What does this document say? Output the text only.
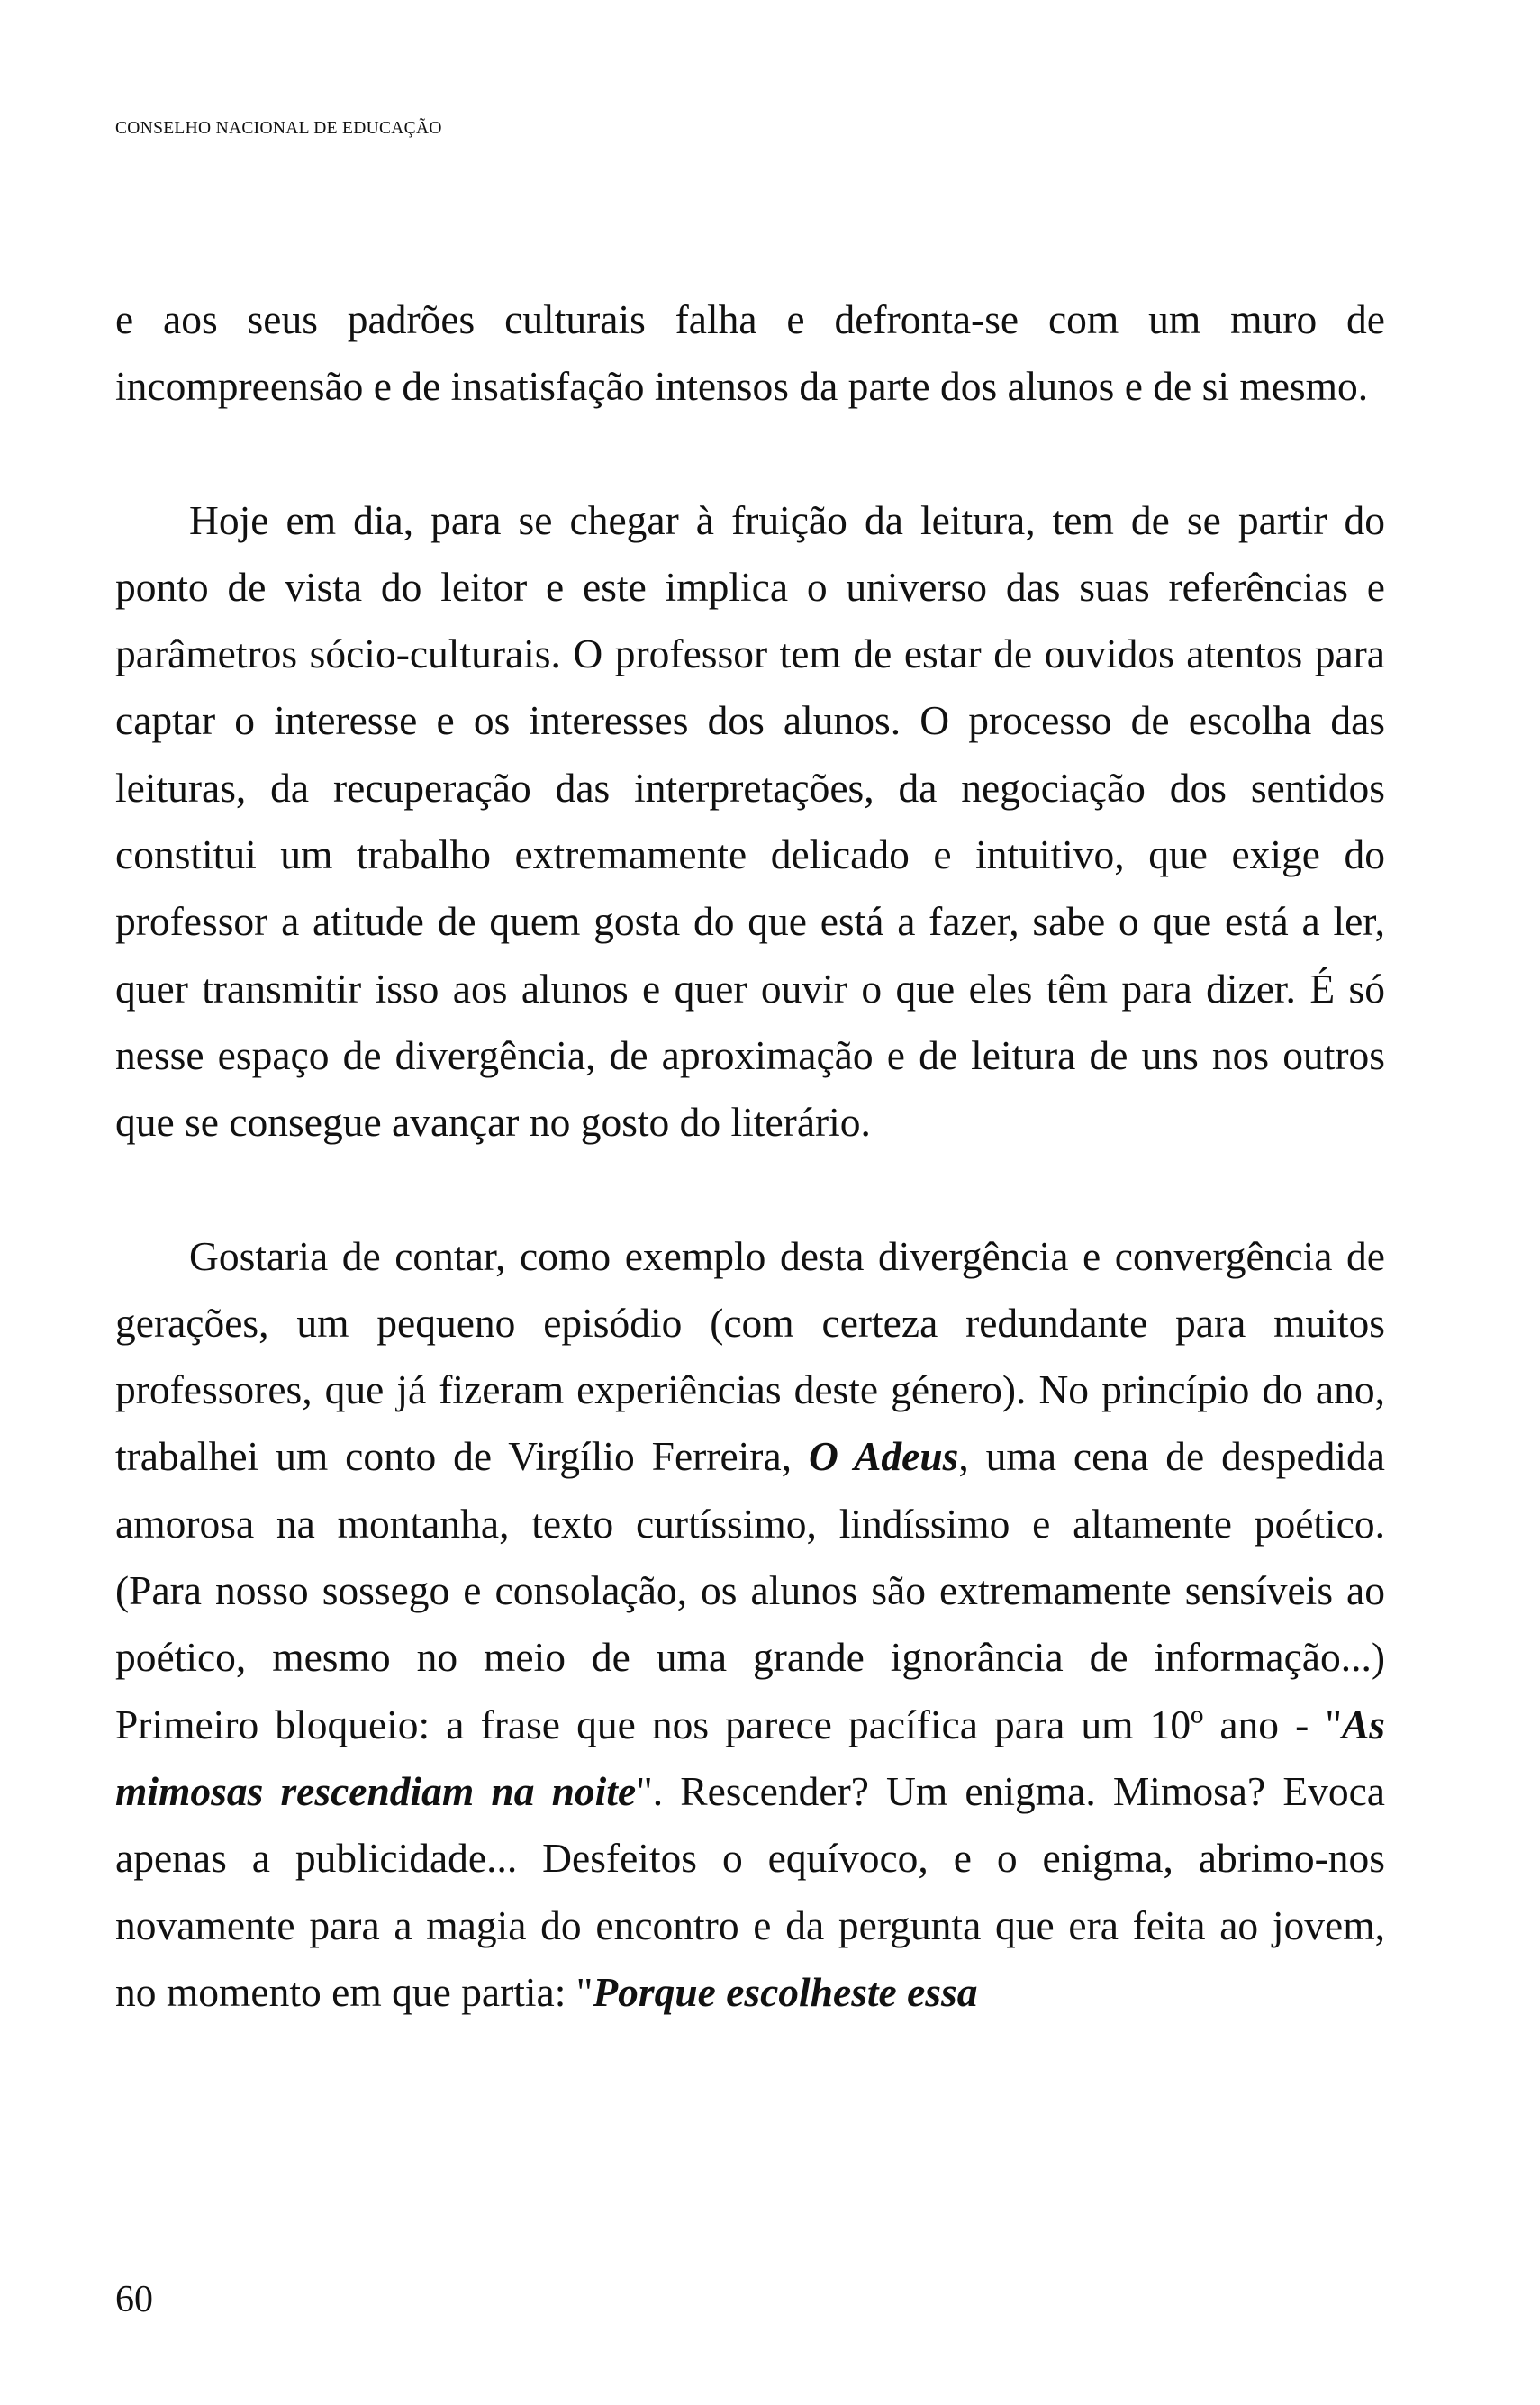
CONSELHO NACIONAL DE EDUCAÇÃO

e aos seus padrões culturais falha e defronta-se com um muro de incompreensão e de insatisfação intensos da parte dos alunos e de si mesmo.

Hoje em dia, para se chegar à fruição da leitura, tem de se partir do ponto de vista do leitor e este implica o universo das suas referências e parâmetros sócio-culturais. O professor tem de estar de ouvidos atentos para captar o interesse e os interesses dos alunos. O processo de escolha das leituras, da recuperação das interpretações, da negociação dos sentidos constitui um trabalho extremamente delicado e intuitivo, que exige do professor a atitude de quem gosta do que está a fazer, sabe o que está a ler, quer transmitir isso aos alunos e quer ouvir o que eles têm para dizer. É só nesse espaço de divergência, de aproximação e de leitura de uns nos outros que se consegue avançar no gosto do literário.

Gostaria de contar, como exemplo desta divergência e convergência de gerações, um pequeno episódio (com certeza redundante para muitos professores, que já fizeram experiências deste género). No princípio do ano, trabalhei um conto de Virgílio Ferreira, O Adeus, uma cena de despedida amorosa na montanha, texto curtíssimo, lindíssimo e altamente poético. (Para nosso sossego e consolação, os alunos são extremamente sensíveis ao poético, mesmo no meio de uma grande ignorância de informação...) Primeiro bloqueio: a frase que nos parece pacífica para um 10º ano - "As mimosas rescendiam na noite". Rescender? Um enigma. Mimosa? Evoca apenas a publicidade... Desfeitos o equívoco, e o enigma, abrimo-nos novamente para a magia do encontro e da pergunta que era feita ao jovem, no momento em que partia: "Porque escolheste essa

60
